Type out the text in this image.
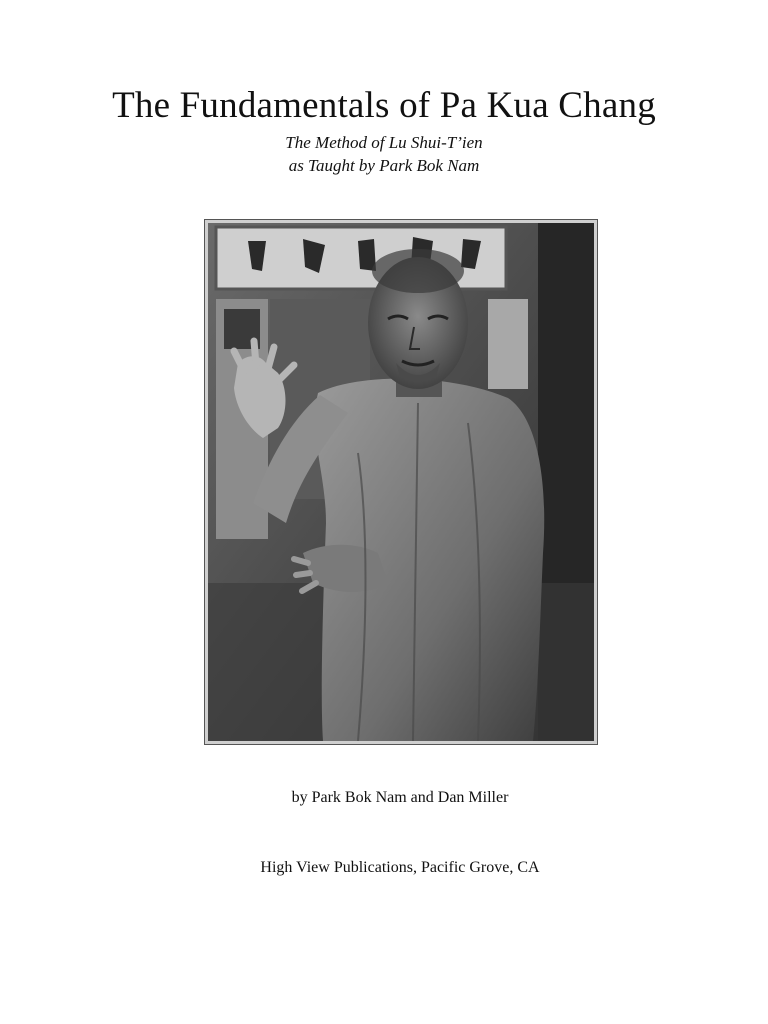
The Fundamentals of Pa Kua Chang
The Method of Lu Shui-T’ien
as Taught by Park Bok Nam
by Park Bok Nam and Dan Miller
High View Publications, Pacific Grove, CA
